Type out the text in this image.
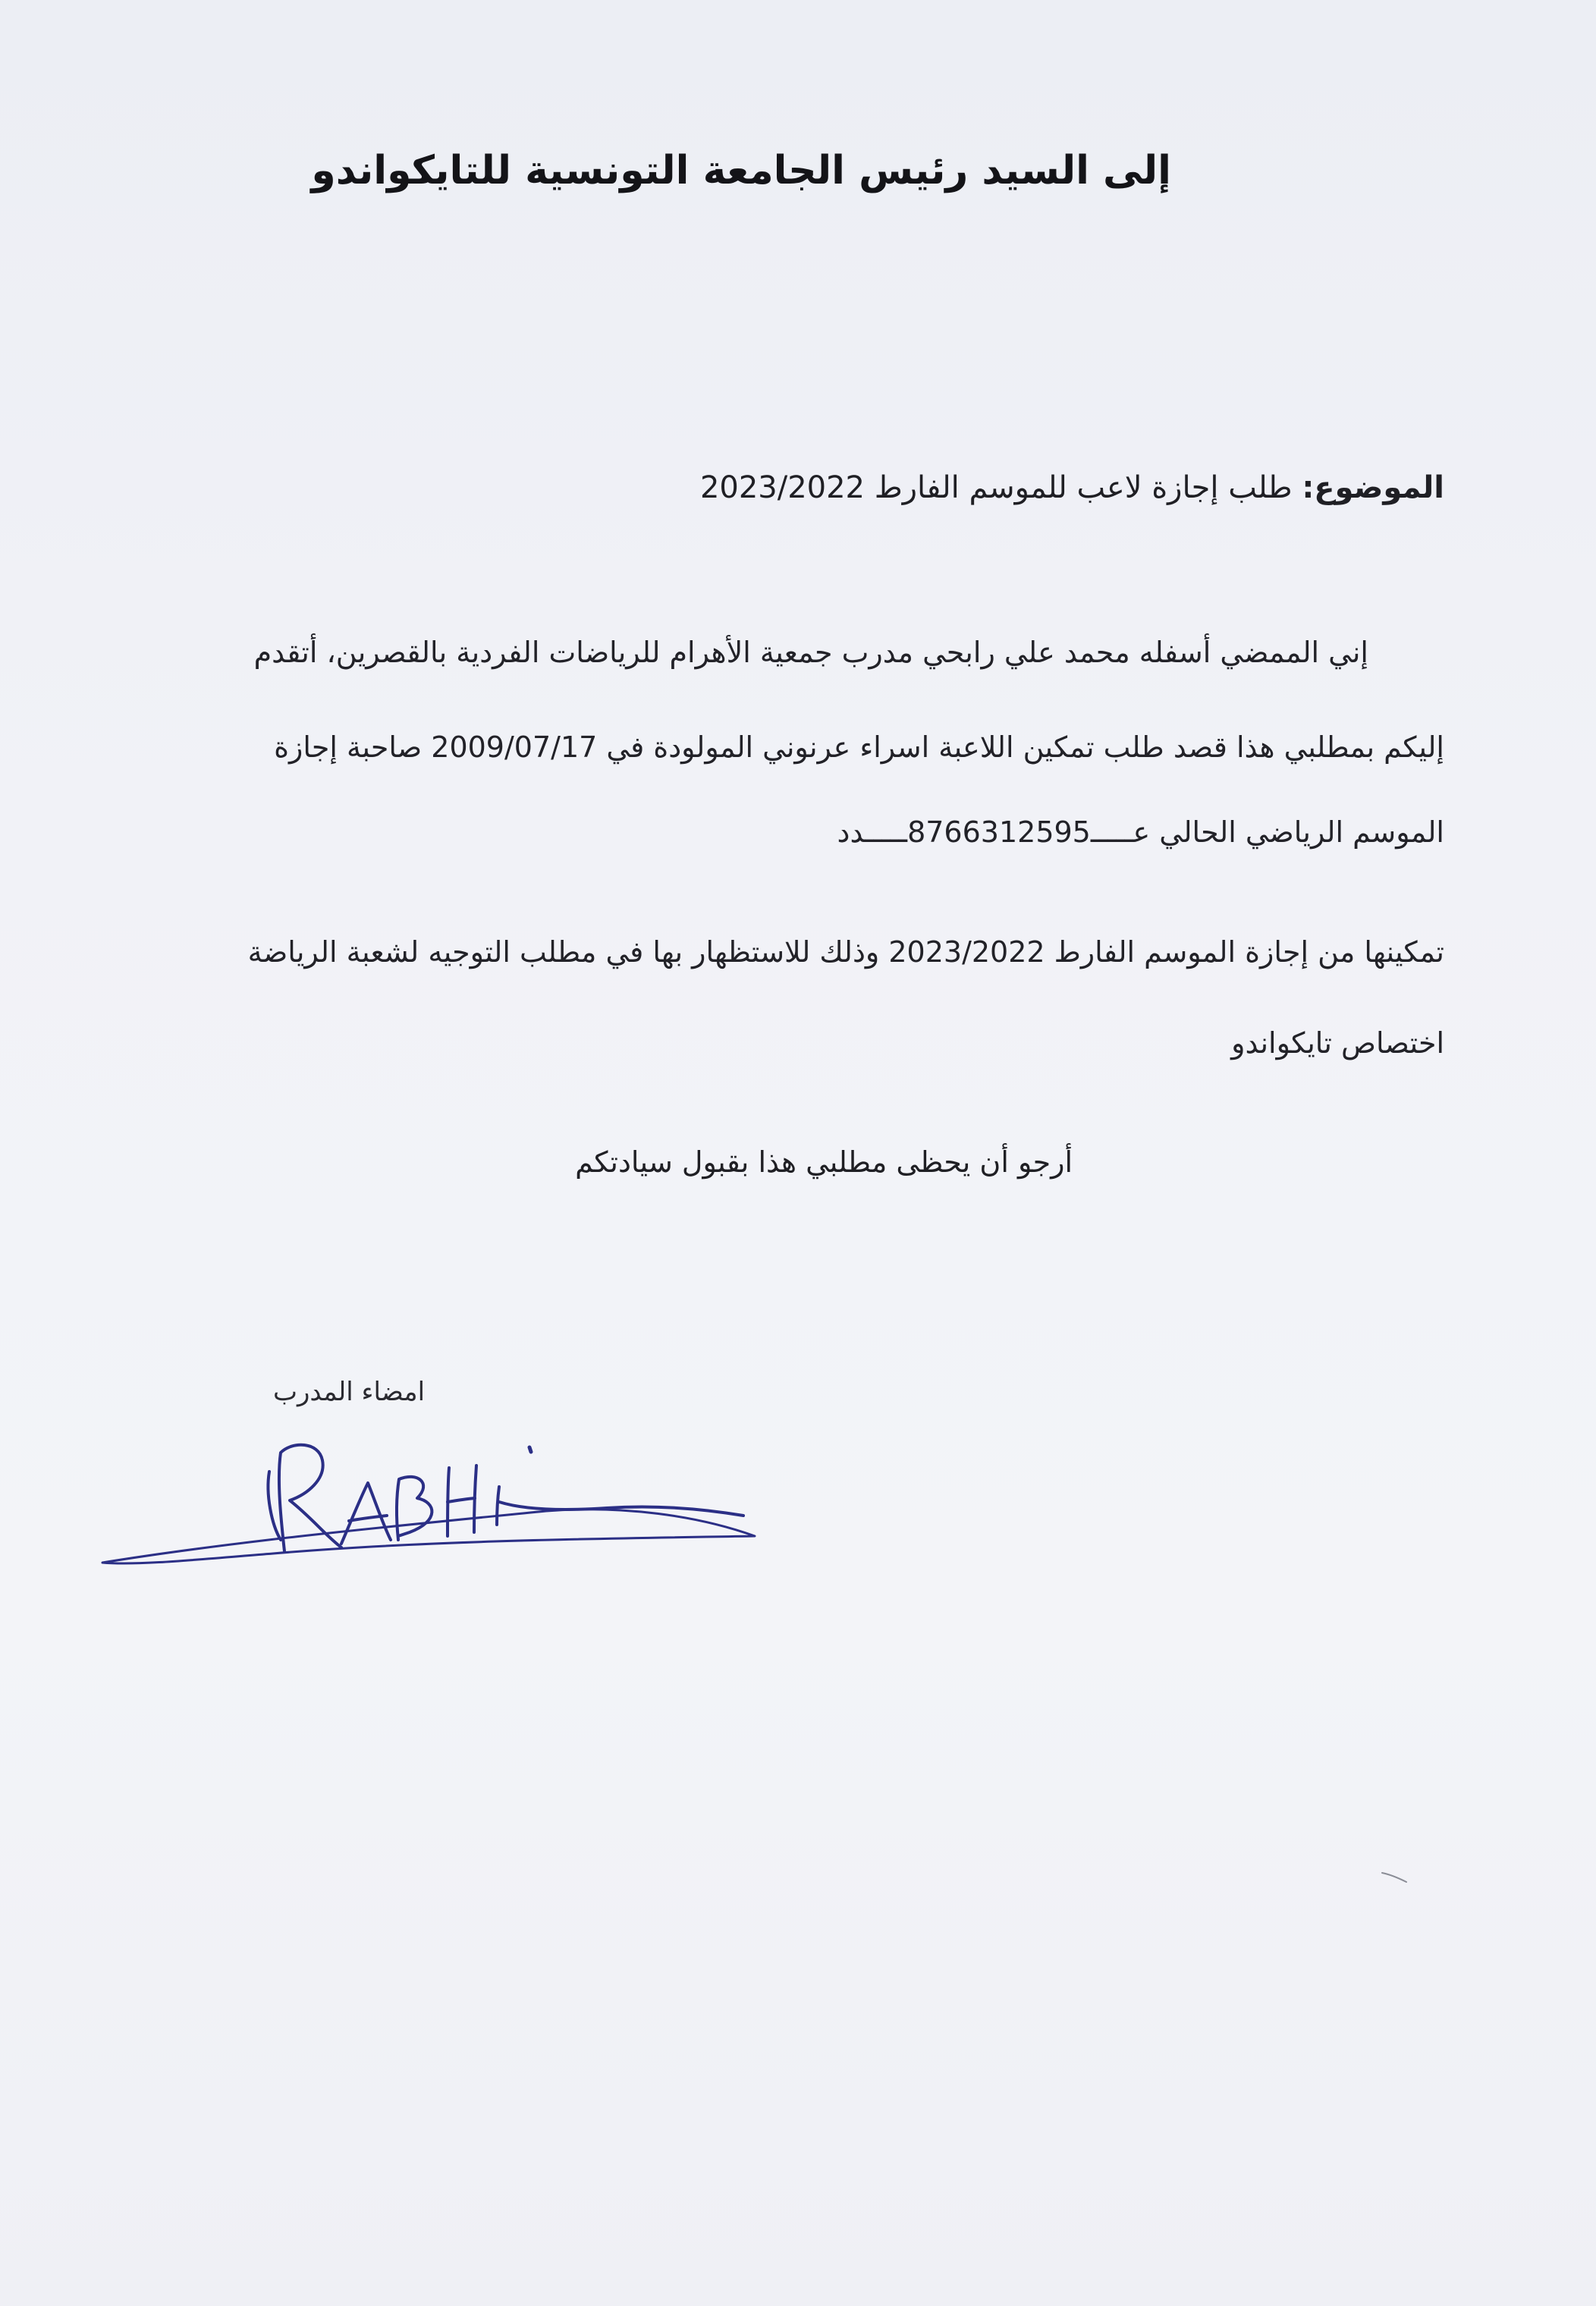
إلى السيد رئيس الجامعة التونسية للتايكواندو
الموضوع: طلب إجازة لاعب للموسم الفارط 2023/2022
إني الممضي أسفله محمد علي رابحي مدرب جمعية الأهرام للرياضات الفردية بالقصرين، أتقدم
إليكم بمطلبي هذا قصد طلب تمكين اللاعبة اسراء عرنوني المولودة في 2009/07/17 صاحبة إجازة
الموسم الرياضي الحالي عـــــ8766312595ـــــدد
تمكينها من إجازة الموسم الفارط 2023/2022 وذلك للاستظهار بها في مطلب التوجيه لشعبة الرياضة
اختصاص تايكواندو
أرجو أن يحظى مطلبي هذا بقبول سيادتكم
امضاء المدرب
